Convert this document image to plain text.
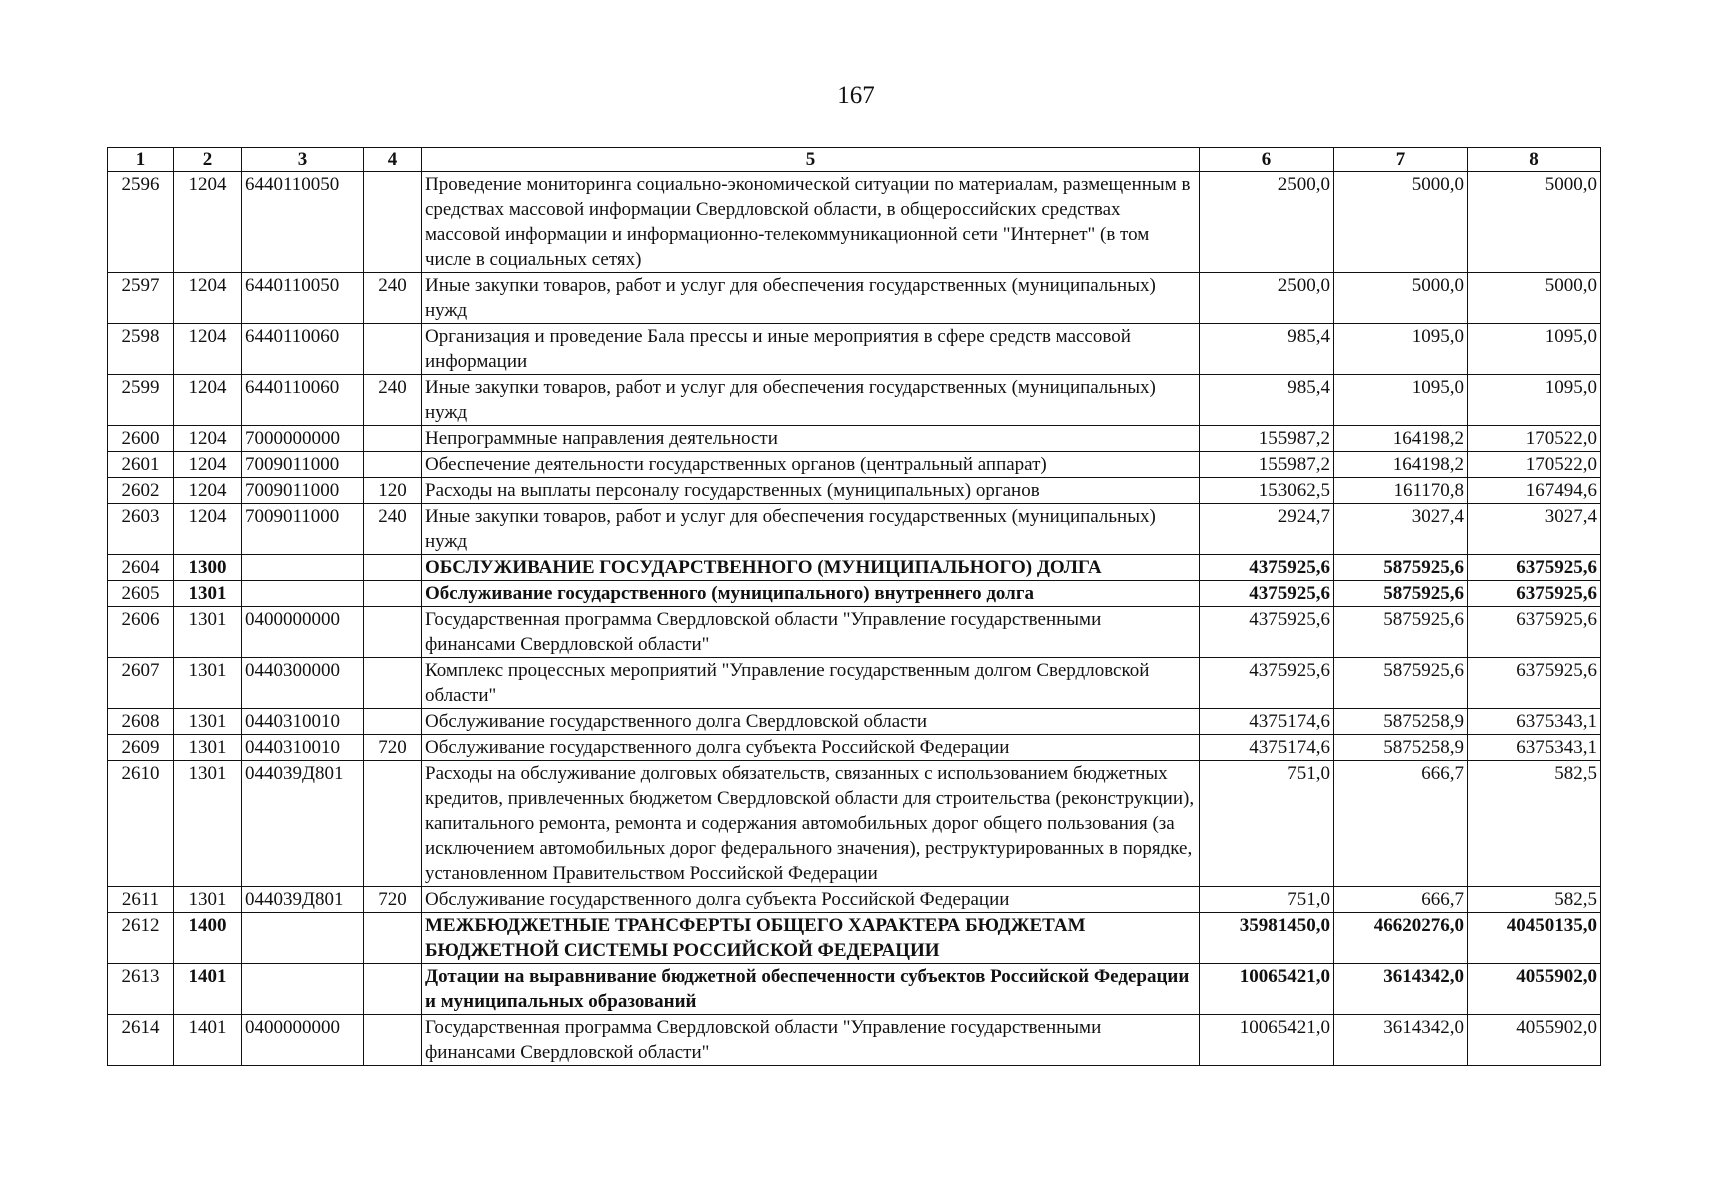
167
1	2	3	4	5	6	7	8
2596	1204	6440110050		Проведение мониторинга социально-экономической ситуации по материалам, размещенным в средствах массовой информации Свердловской области, в общероссийских средствах массовой информации и информационно-телекоммуникационной сети "Интернет" (в том числе в социальных сетях)	2500,0	5000,0	5000,0
2597	1204	6440110050	240	Иные закупки товаров, работ и услуг для обеспечения государственных (муниципальных) нужд	2500,0	5000,0	5000,0
2598	1204	6440110060		Организация и проведение Бала прессы и иные мероприятия в сфере средств массовой информации	985,4	1095,0	1095,0
2599	1204	6440110060	240	Иные закупки товаров, работ и услуг для обеспечения государственных (муниципальных) нужд	985,4	1095,0	1095,0
2600	1204	7000000000		Непрограммные направления деятельности	155987,2	164198,2	170522,0
2601	1204	7009011000		Обеспечение деятельности государственных органов (центральный аппарат)	155987,2	164198,2	170522,0
2602	1204	7009011000	120	Расходы на выплаты персоналу государственных (муниципальных) органов	153062,5	161170,8	167494,6
2603	1204	7009011000	240	Иные закупки товаров, работ и услуг для обеспечения государственных (муниципальных) нужд	2924,7	3027,4	3027,4
2604	1300			ОБСЛУЖИВАНИЕ ГОСУДАРСТВЕННОГО (МУНИЦИПАЛЬНОГО) ДОЛГА	4375925,6	5875925,6	6375925,6
2605	1301			Обслуживание государственного (муниципального) внутреннего долга	4375925,6	5875925,6	6375925,6
2606	1301	0400000000		Государственная программа Свердловской области "Управление государственными финансами Свердловской области"	4375925,6	5875925,6	6375925,6
2607	1301	0440300000		Комплекс процессных мероприятий "Управление государственным долгом Свердловской области"	4375925,6	5875925,6	6375925,6
2608	1301	0440310010		Обслуживание государственного долга Свердловской области	4375174,6	5875258,9	6375343,1
2609	1301	0440310010	720	Обслуживание государственного долга субъекта Российской Федерации	4375174,6	5875258,9	6375343,1
2610	1301	044039Д801		Расходы на обслуживание долговых обязательств, связанных с использованием бюджетных кредитов, привлеченных бюджетом Свердловской области для строительства (реконструкции), капитального ремонта, ремонта и содержания автомобильных дорог общего пользования (за исключением автомобильных дорог федерального значения), реструктурированных в порядке, установленном Правительством Российской Федерации	751,0	666,7	582,5
2611	1301	044039Д801	720	Обслуживание государственного долга субъекта Российской Федерации	751,0	666,7	582,5
2612	1400			МЕЖБЮДЖЕТНЫЕ ТРАНСФЕРТЫ ОБЩЕГО ХАРАКТЕРА БЮДЖЕТАМ БЮДЖЕТНОЙ СИСТЕМЫ РОССИЙСКОЙ ФЕДЕРАЦИИ	35981450,0	46620276,0	40450135,0
2613	1401			Дотации на выравнивание бюджетной обеспеченности субъектов Российской Федерации и муниципальных образований	10065421,0	3614342,0	4055902,0
2614	1401	0400000000		Государственная программа Свердловской области "Управление государственными финансами Свердловской области"	10065421,0	3614342,0	4055902,0
